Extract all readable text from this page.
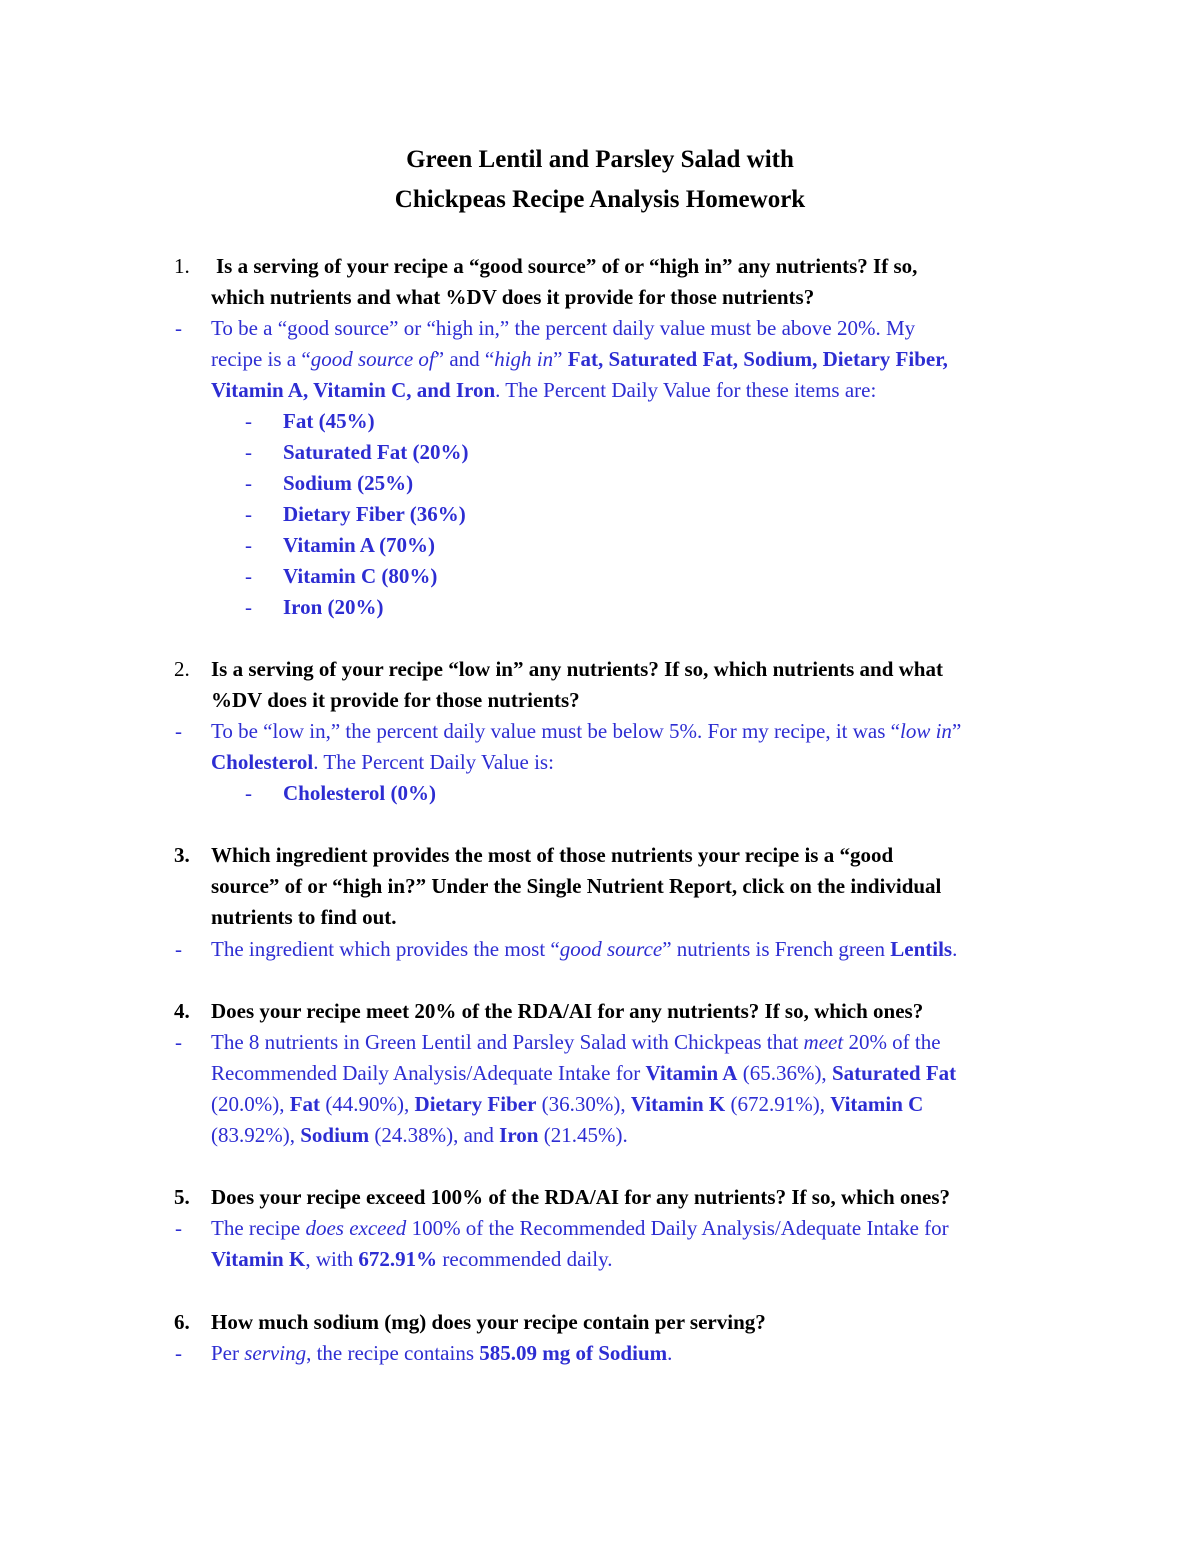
Green Lentil and Parsley Salad with
Chickpeas Recipe Analysis Homework
1. Is a serving of your recipe a “good source” of or “high in” any nutrients? If so,
which nutrients and what %DV does it provide for those nutrients?
- To be a “good source” or “high in,” the percent daily value must be above 20%. My
recipe is a “good source of” and “high in” Fat, Saturated Fat, Sodium, Dietary Fiber,
Vitamin A, Vitamin C, and Iron. The Percent Daily Value for these items are:
- Fat (45%)
- Saturated Fat (20%)
- Sodium (25%)
- Dietary Fiber (36%)
- Vitamin A (70%)
- Vitamin C (80%)
- Iron (20%)
2. Is a serving of your recipe “low in” any nutrients? If so, which nutrients and what
%DV does it provide for those nutrients?
- To be “low in,” the percent daily value must be below 5%. For my recipe, it was “low in”
Cholesterol. The Percent Daily Value is:
- Cholesterol (0%)
3. Which ingredient provides the most of those nutrients your recipe is a “good
source” of or “high in?” Under the Single Nutrient Report, click on the individual
nutrients to find out.
- The ingredient which provides the most “good source” nutrients is French green Lentils.
4. Does your recipe meet 20% of the RDA/AI for any nutrients? If so, which ones?
- The 8 nutrients in Green Lentil and Parsley Salad with Chickpeas that meet 20% of the
Recommended Daily Analysis/Adequate Intake for Vitamin A (65.36%), Saturated Fat
(20.0%), Fat (44.90%), Dietary Fiber (36.30%), Vitamin K (672.91%), Vitamin C
(83.92%), Sodium (24.38%), and Iron (21.45%).
5. Does your recipe exceed 100% of the RDA/AI for any nutrients? If so, which ones?
- The recipe does exceed 100% of the Recommended Daily Analysis/Adequate Intake for
Vitamin K, with 672.91% recommended daily.
6. How much sodium (mg) does your recipe contain per serving?
- Per serving, the recipe contains 585.09 mg of Sodium.
